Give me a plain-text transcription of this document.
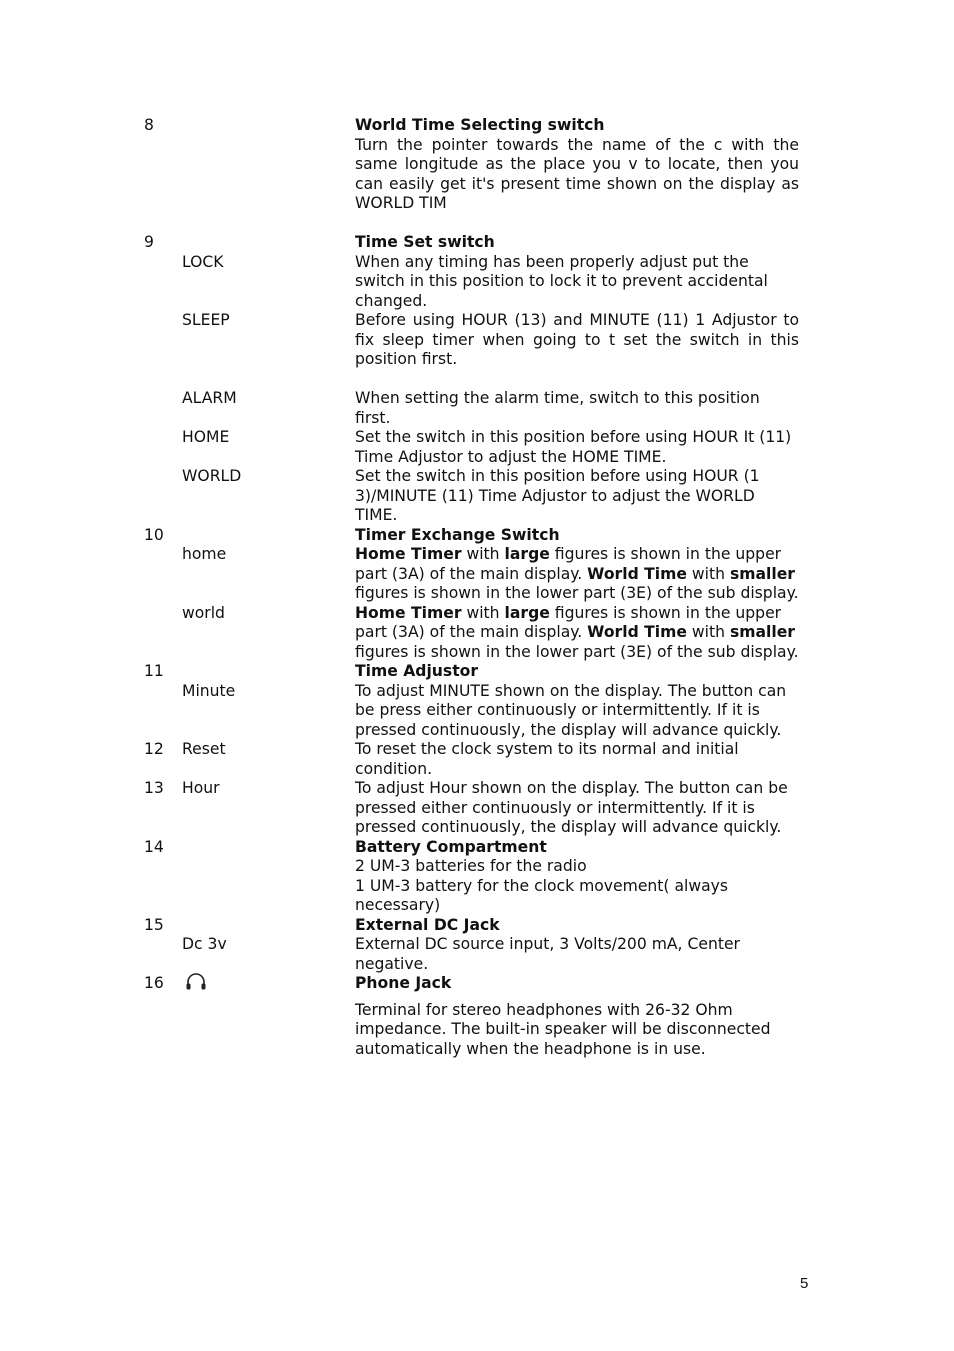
8	World Time Selecting switch
Turn the pointer towards the name of the c with the same longitude as the place you v to locate, then you can easily get it's present time shown on the display as WORLD TIM
9	Time Set switch
LOCK	When any timing has been properly adjust put the switch in this position to lock it to prevent accidental changed.
SLEEP	Before using HOUR (13) and MINUTE (11) 1 Adjustor to fix sleep timer when going to t set the switch in this position first.
ALARM	When setting the alarm time, switch to this position first.
HOME	Set the switch in this position before using HOUR It (11) Time Adjustor to adjust the HOME TIME.
WORLD	Set the switch in this position before using HOUR (1 3)/MINUTE (11) Time Adjustor to adjust the WORLD TIME.
10	Timer Exchange Switch
home	Home Timer with large figures is shown in the upper part (3A) of the main display. World Time with smaller figures is shown in the lower part (3E) of the sub display.
world	Home Timer with large figures is shown in the upper part (3A) of the main display. World Time with smaller figures is shown in the lower part (3E) of the sub display.
11	Time Adjustor
Minute	To adjust MINUTE shown on the display. The button can be press either continuously or intermittently. If it is pressed continuously, the display will advance quickly.
12	Reset	To reset the clock system to its normal and initial condition.
13	Hour	To adjust Hour shown on the display. The button can be pressed either continuously or intermittently. If it is pressed continuously, the display will advance quickly.
14	Battery Compartment
2 UM-3 batteries for the radio
1 UM-3 battery for the clock movement( always necessary)
15	External DC Jack
Dc 3v	External DC source input, 3 Volts/200 mA, Center negative.
16	Phone Jack
Terminal for stereo headphones with 26-32 Ohm impedance. The built-in speaker will be disconnected automatically when the headphone is in use.
5
